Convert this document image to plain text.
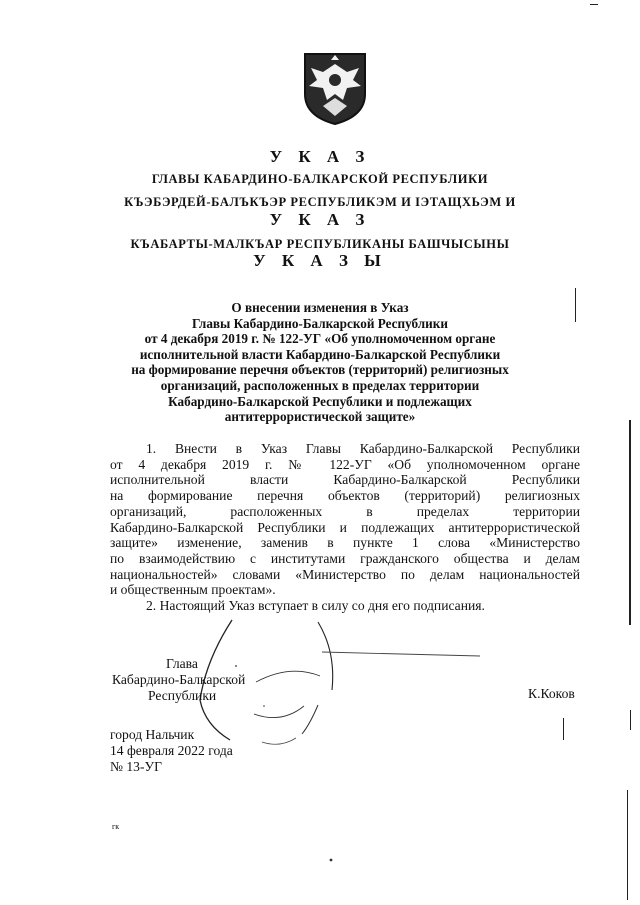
У К А З
ГЛАВЫ КАБАРДИНО-БАЛКАРСКОЙ РЕСПУБЛИКИ
КЪЭБЭРДЕЙ-БАЛЪКЪЭР РЕСПУБЛИКЭМ И ІЭТАЩХЬЭМ И
У К А З
КЪАБАРТЫ-МАЛКЪАР РЕСПУБЛИКАНЫ БАШЧЫСЫНЫ
У К А З Ы
О внесении изменения в Указ
Главы Кабардино-Балкарской Республики
от 4 декабря 2019 г. № 122-УГ «Об уполномоченном органе
исполнительной власти Кабардино-Балкарской Республики
на формирование перечня объектов (территорий) религиозных
организаций, расположенных в пределах территории
Кабардино-Балкарской Республики и подлежащих
антитеррористической защите»
1. Внести в Указ Главы Кабардино-Балкарской Республики
от 4 декабря 2019 г. № 122-УГ «Об уполномоченном органе
исполнительной власти Кабардино-Балкарской Республики
на формирование перечня объектов (территорий) религиозных
организаций, расположенных в пределах территории
Кабардино-Балкарской Республики и подлежащих антитеррористической
защите» изменение, заменив в пункте 1 слова «Министерство
по взаимодействию с институтами гражданского общества и делам
национальностей» словами «Министерство по делам национальностей
и общественным проектам».
2. Настоящий Указ вступает в силу со дня его подписания.
Глава
Кабардино-Балкарской
Республики	К.Коков
город Нальчик
14 февраля 2022 года
№ 13-УГ
гк
